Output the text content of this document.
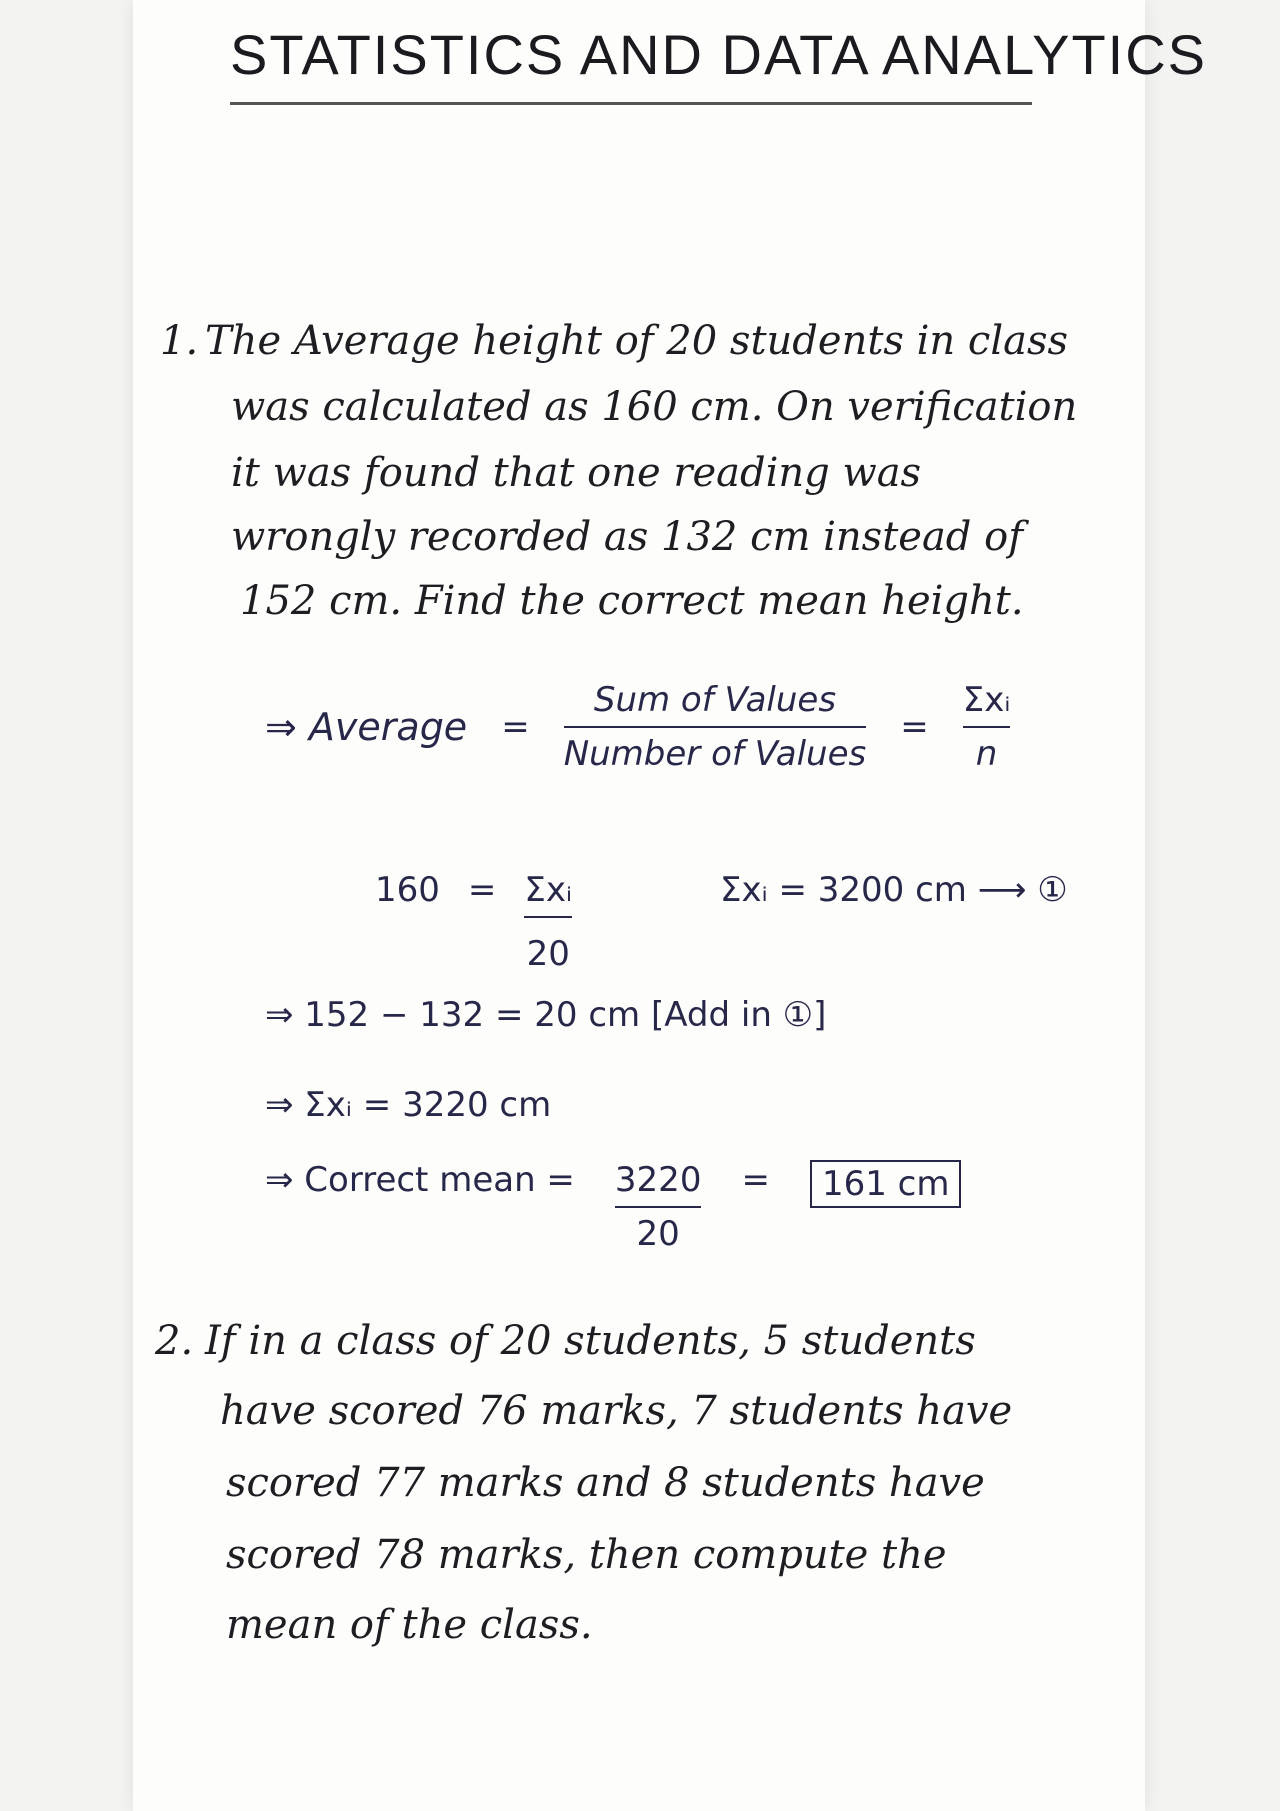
STATISTICS AND DATA ANALYTICS
1. The Average height of 20 students in class
was calculated as 160 cm. On verification
it was found that one reading was
wrongly recorded as 132 cm instead of
152 cm. Find the correct mean height.
⇒ Average = $\frac{\text{Sum of Values}}{\text{Number of Values}} = \frac{\text{Σxᵢ}}{n}$
$160 = \frac{\text{Σxᵢ}}{20}$	Σxᵢ = 3200 cm ⟶ ①
⇒ 152 − 132 = 20 cm [Add in ①]
⇒ Σxᵢ = 3220 cm
⇒ Correct mean = $\frac{3220}{20}$ =	161 cm
2. If in a class of 20 students, 5 students
have scored 76 marks, 7 students have
scored 77 marks and 8 students have
scored 78 marks, then compute the
mean of the class.
